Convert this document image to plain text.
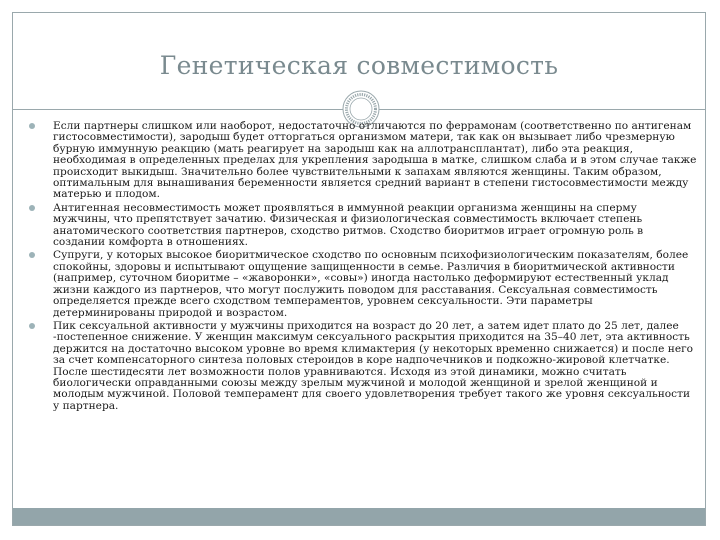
Генетическая совместимость
Если партнеры слишком или наоборот, недостаточно отличаются по феррамонам (соответственно по антигенам гистосовместимости), зародыш будет отторгаться организмом матери, так как он вызывает либо чрезмерную бурную иммунную реакцию (мать реагирует на зародыш как на аллотрансплантат), либо эта реакция, необходимая в определенных пределах для укрепления зародыша в матке, слишком слаба и в этом случае также происходит выкидыш. Значительно более чувствительными к запахам являются женщины. Таким образом, оптимальным для вынашивания беременности является средний вариант в степени гистосовместимости между матерью и плодом.
Антигенная несовместимость может проявляться в иммунной реакции организма женщины на сперму мужчины, что препятствует зачатию. Физическая и физиологическая совместимость включает степень анатомического соответствия партнеров, сходство ритмов. Сходство биоритмов играет огромную роль в создании комфорта в отношениях.
Супруги, у которых высокое биоритмическое сходство по основным психофизиологическим показателям, более спокойны, здоровы и испытывают ощущение защищенности в семье. Различия в биоритмической активности (например, суточном биоритме – «жаворонки», «совы») иногда настолько деформируют естественный уклад жизни каждого из партнеров, что могут послужить поводом для расставания. Сексуальная совместимость определяется прежде всего сходством темпераментов, уровнем сексуальности. Эти параметры детерминированы природой и возрастом.
Пик сексуальной активности у мужчины приходится на возраст до 20 лет, а затем идет плато до 25 лет, далее -постепенное снижение. У женщин максимум сексуального раскрытия приходится на 35–40 лет, эта активность держится на достаточно высоком уровне во время климактерия (у некоторых временно снижается) и после него за счет компенсаторного синтеза половых стероидов в коре надпочечников и подкожно-жировой клетчатке. После шестидесяти лет возможности полов уравниваются. Исходя из этой динамики, можно считать биологически оправданными союзы между зрелым мужчиной и молодой женщиной и зрелой женщиной и молодым мужчиной. Половой темперамент для своего удовлетворения требует такого же уровня сексуальности у партнера.
